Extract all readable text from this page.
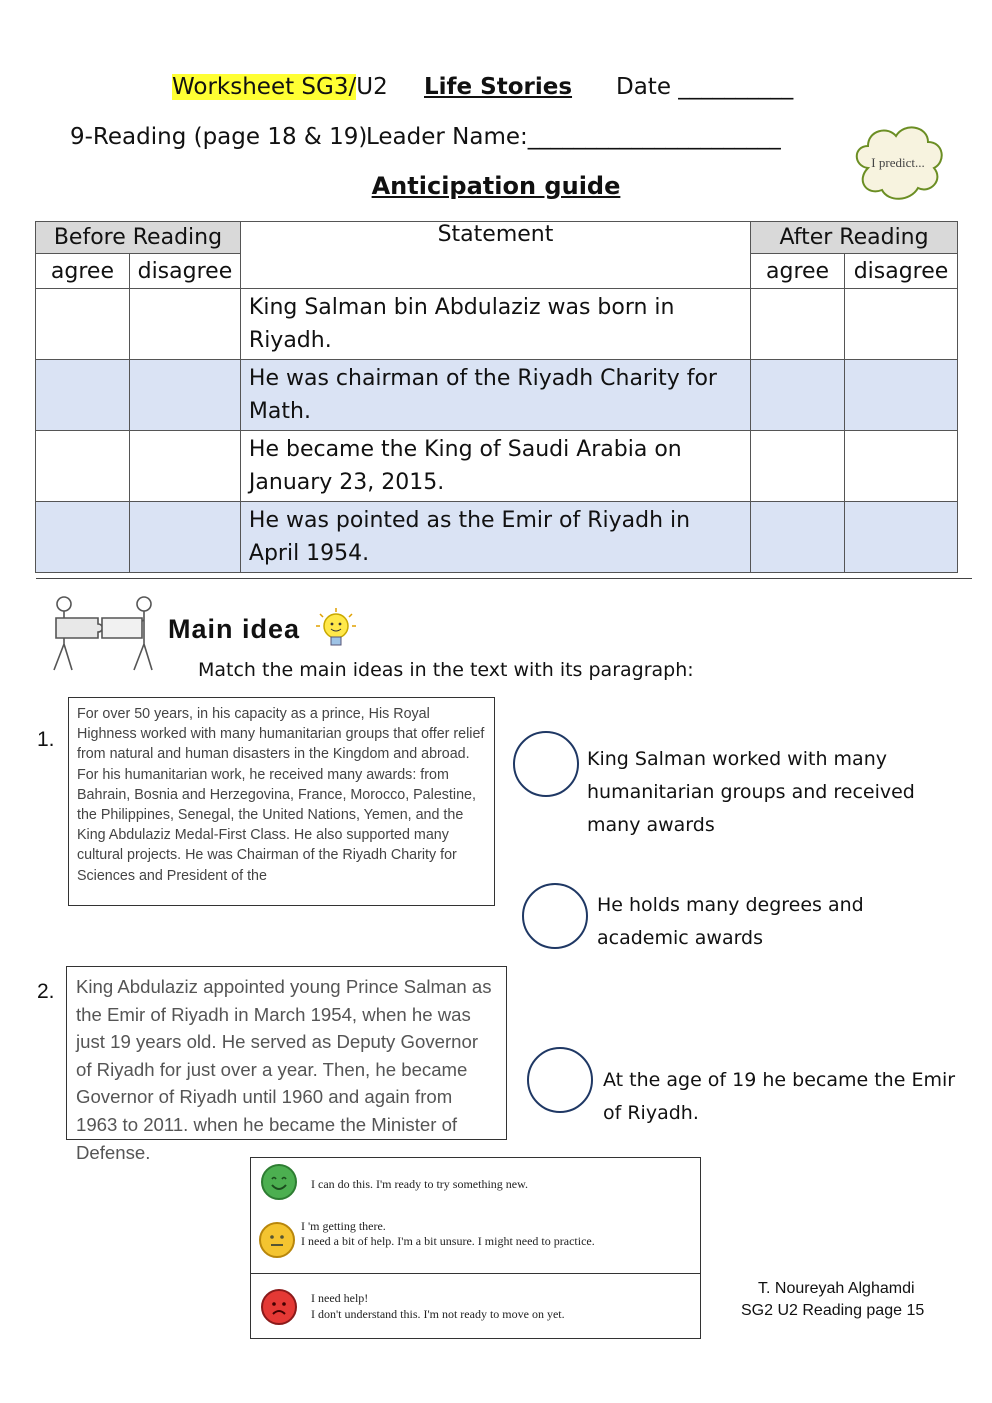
Worksheet SG3/U2 Life Stories Date __________
9-Reading (page 18 & 19)
Leader Name:______________________
I predict...
Anticipation guide
Before Reading		Statement	After Reading	
agree	disagree		agree	disagree
		King Salman bin Abdulaziz was born in Riyadh.		
		He was chairman of the Riyadh Charity for Math.		
		He became the King of Saudi Arabia on January 23, 2015.		
		He was pointed as the Emir of Riyadh in April 1954.		
Main idea
Match the main ideas in the text with its paragraph:
1.
For over 50 years, in his capacity as a prince, His Royal Highness worked with many humanitarian groups that offer relief from natural and human disasters in the Kingdom and abroad. For his humanitarian work, he received many awards: from Bahrain, Bosnia and Herzegovina, France, Morocco, Palestine, the Philippines, Senegal, the United Nations, Yemen, and the King Abdulaziz Medal-First Class. He also supported many cultural projects. He was Chairman of the Riyadh Charity for Sciences and President of the
2.	King Abdulaziz appointed young Prince Salman as the Emir of Riyadh in March 1954, when he was just 19 years old. He served as Deputy Governor of Riyadh for just over a year. Then, he became Governor of Riyadh until 1960 and again from 1963 to 2011. when he became the Minister of Defense.
King Salman worked with many humanitarian groups and received many awards
He holds many degrees and academic awards
At the age of 19 he became the Emir of Riyadh.
I can do this. I'm ready to try something new.
I 'm getting there.
I need a bit of help. I'm a bit unsure. I might need to practice.
I need help!
I don't understand this. I'm not ready to move on yet.
T. Noureyah Alghamdi
SG2 U2 Reading page 15
